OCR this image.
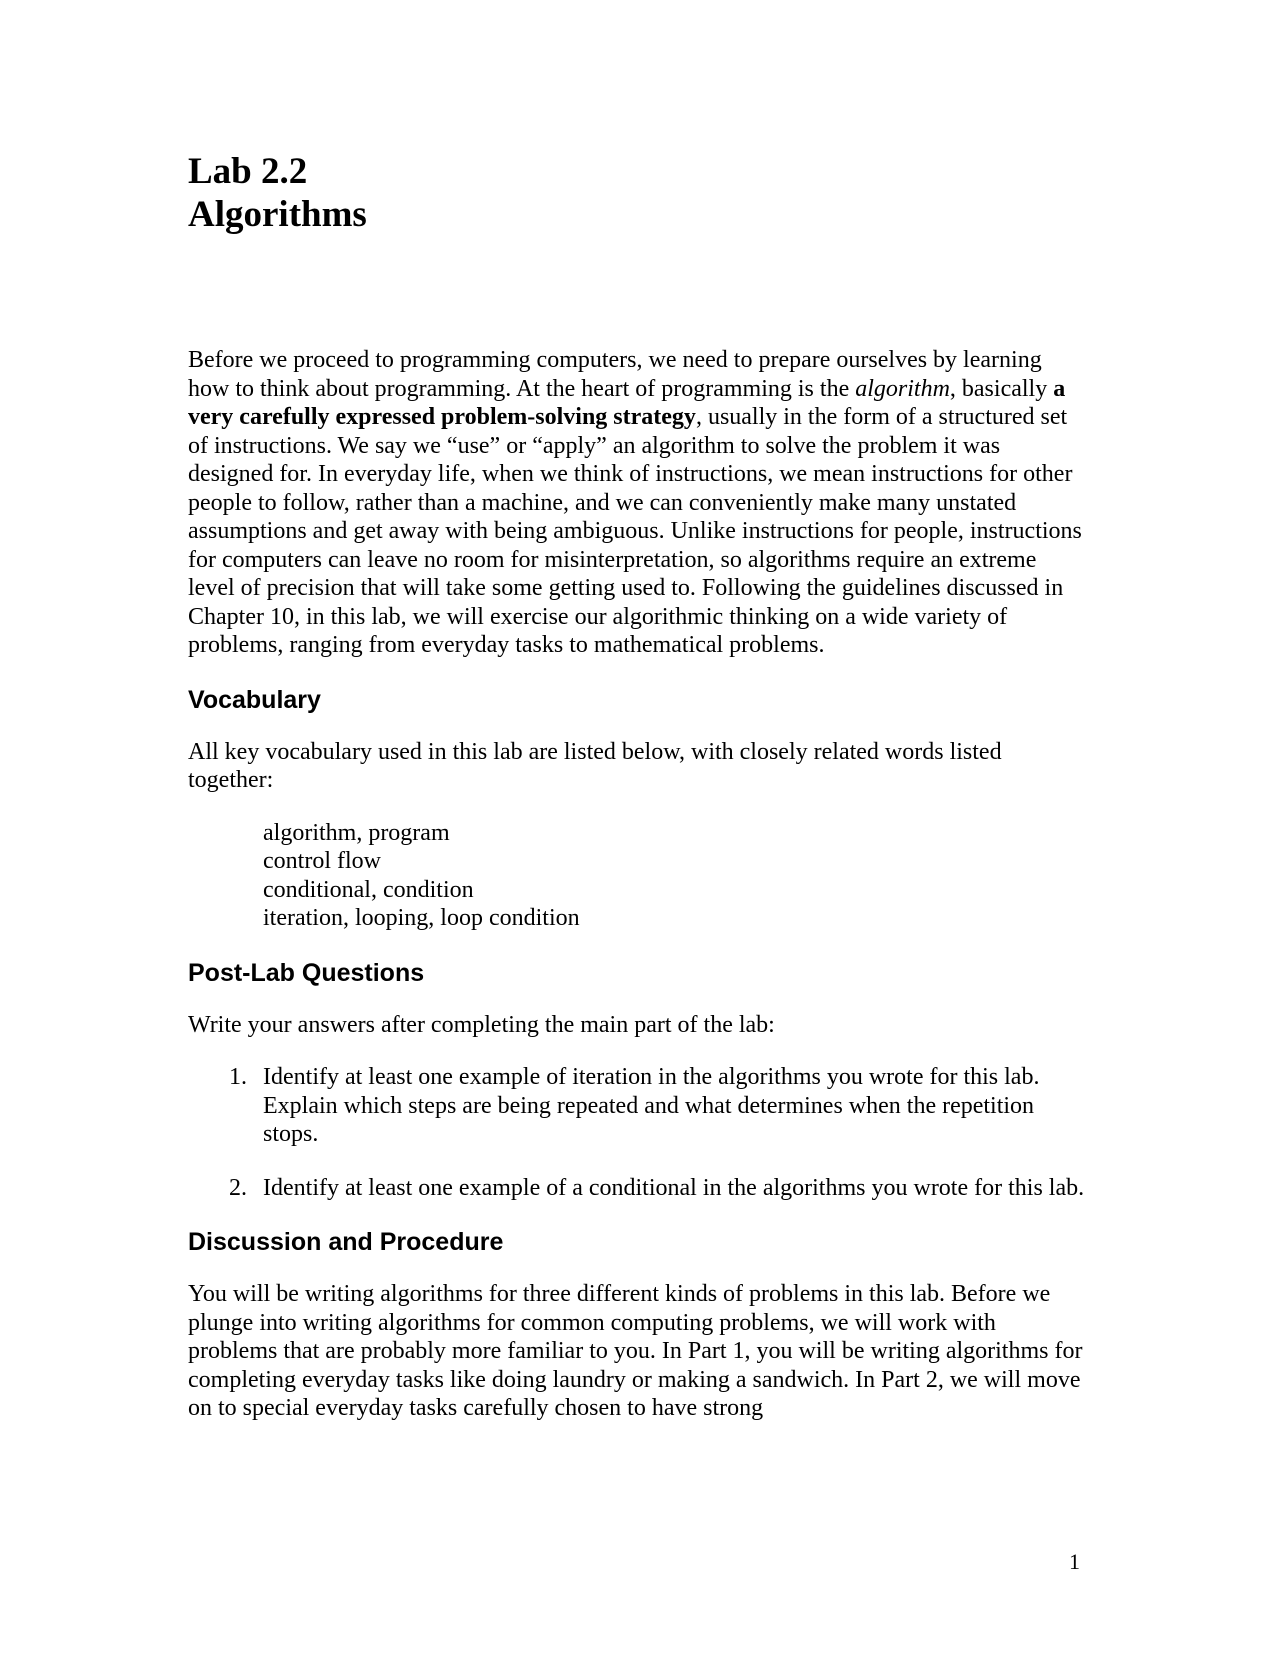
Lab 2.2
Algorithms

Before we proceed to programming computers, we need to prepare ourselves by learning how to think about programming. At the heart of programming is the algorithm, basically a very carefully expressed problem-solving strategy, usually in the form of a structured set of instructions. We say we “use” or “apply” an algorithm to solve the problem it was designed for. In everyday life, when we think of instructions, we mean instructions for other people to follow, rather than a machine, and we can conveniently make many unstated assumptions and get away with being ambiguous. Unlike instructions for people, instructions for computers can leave no room for misinterpretation, so algorithms require an extreme level of precision that will take some getting used to. Following the guidelines discussed in Chapter 10, in this lab, we will exercise our algorithmic thinking on a wide variety of problems, ranging from everyday tasks to mathematical problems.

Vocabulary

All key vocabulary used in this lab are listed below, with closely related words listed together:

algorithm, program
control flow
conditional, condition
iteration, looping, loop condition
Post-Lab Questions

Write your answers after completing the main part of the lab:

1. Identify at least one example of iteration in the algorithms you wrote for this lab. Explain which steps are being repeated and what determines when the repetition stops.
2. Identify at least one example of a conditional in the algorithms you wrote for this lab.
Discussion and Procedure

You will be writing algorithms for three different kinds of problems in this lab. Before we plunge into writing algorithms for common computing problems, we will work with problems that are probably more familiar to you. In Part 1, you will be writing algorithms for completing everyday tasks like doing laundry or making a sandwich. In Part 2, we will move on to special everyday tasks carefully chosen to have strong

1
